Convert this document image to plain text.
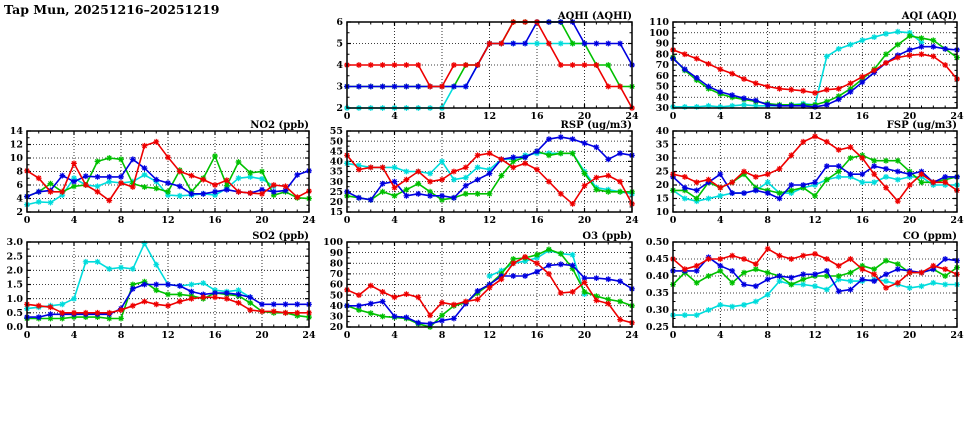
Tap Mun, 20251216–20251219
2
3
4
5
6
0	4	8	12	16	20	24
AQHI (AQHI)
30
40
50
60
70
80
90
100
110
0	4	8	12	16	20	24
AQI (AQI)
2
4
6
8
10
12
14
0	4	8	12	16	20	24
NO2 (ppb)
15
20
25
30
35
40
45
50
55
0	4	8	12	16	20	24
RSP (ug/m3)
10
15
20
25
30
35
40
0	4	8	12	16	20	24
FSP (ug/m3)
0.0
0.5
1.0
1.5
2.0
2.5
3.0
0	4	8	12	16	20	24
SO2 (ppb)
20
30
40
50
60
70
80
90
100
0	4	8	12	16	20	24
O3 (ppb)
0.25
0.30
0.35
0.40
0.45
0.50
0	4	8	12	16	20	24
CO (ppm)
